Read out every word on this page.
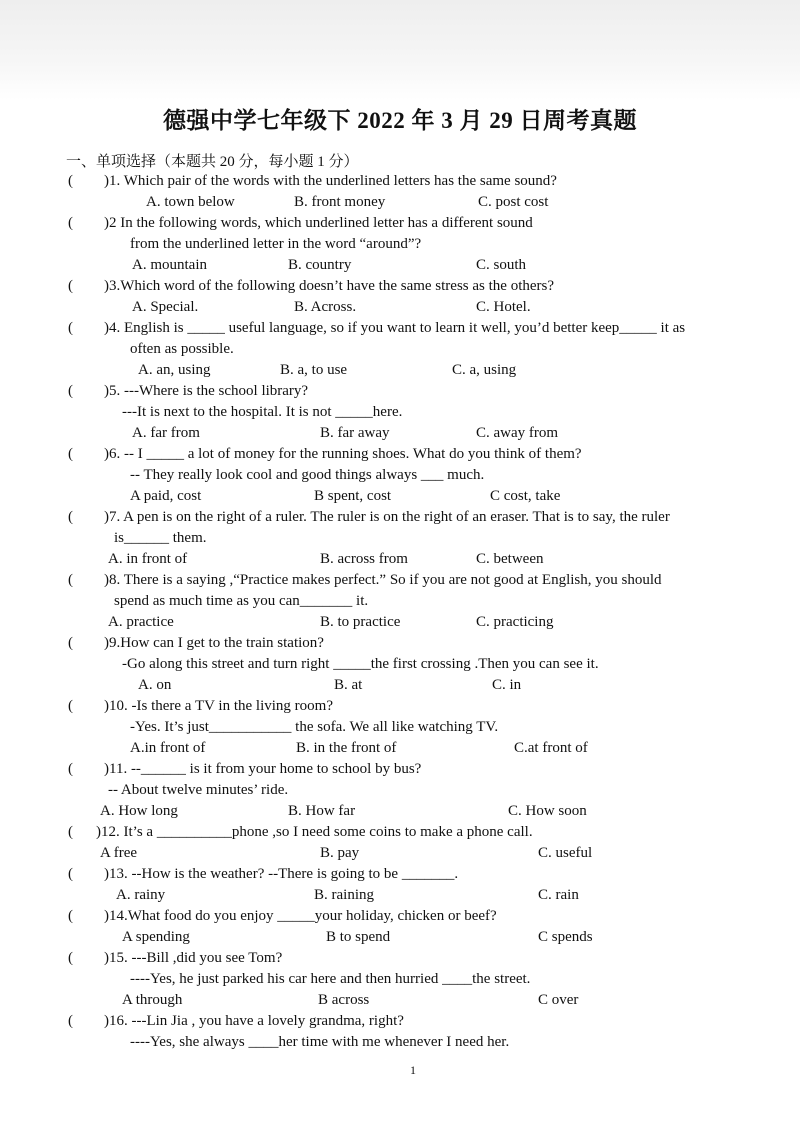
德强中学七年级下 2022 年 3 月 29 日周考真题
一、单项选择（本题共 20 分，每小题 1 分）
( )1. Which pair of the words with the underlined letters has the same sound?
A. town below	B. front money	C. post cost
( )2 In the following words, which underlined letter has a different sound
from the underlined letter in the word “around”?
A. mountain	B. country	C. south
( )3.Which word of the following doesn’t have the same stress as the others?
A. Special.	B. Across.	C. Hotel.
( )4. English is _____ useful language, so if you want to learn it well, you’d better keep_____ it as
often as possible.
A. an, using	B. a, to use	C. a, using
( )5. ---Where is the school library?
---It is next to the hospital. It is not _____here.
A. far from	B. far away	C. away from
( )6. -- I _____ a lot of money for the running shoes. What do you think of them?
-- They really look cool and good things always ___ much.
A paid, cost	B spent, cost	C cost, take
( )7. A pen is on the right of a ruler. The ruler is on the right of an eraser. That is to say, the ruler
is______ them.
A. in front of	B. across from	C. between
( )8. There is a saying ,“Practice makes perfect.” So if you are not good at English, you should
spend as much time as you can_______ it.
A. practice	B. to practice	C. practicing
( )9.How can I get to the train station?
-Go along this street and turn right _____the first crossing .Then you can see it.
A. on	B. at	C. in
( )10. -Is there a TV in the living room?
-Yes. It’s just___________ the sofa. We all like watching TV.
A.in front of	B. in the front of	C.at front of
( )11. --______ is it from your home to school by bus?
-- About twelve minutes’ ride.
A. How long	B. How far	C. How soon
( )12. It’s a __________phone ,so I need some coins to make a phone call.
A free	B. pay	C. useful
( )13. --How is the weather? --There is going to be _______.
A. rainy	B. raining	C. rain
( )14.What food do you enjoy _____your holiday, chicken or beef?
A spending	B to spend	C spends
( )15. ---Bill ,did you see Tom?
----Yes, he just parked his car here and then hurried ____the street.
A through	B across	C over
( )16. ---Lin Jia , you have a lovely grandma, right?
----Yes, she always ____her time with me whenever I need her.
1
